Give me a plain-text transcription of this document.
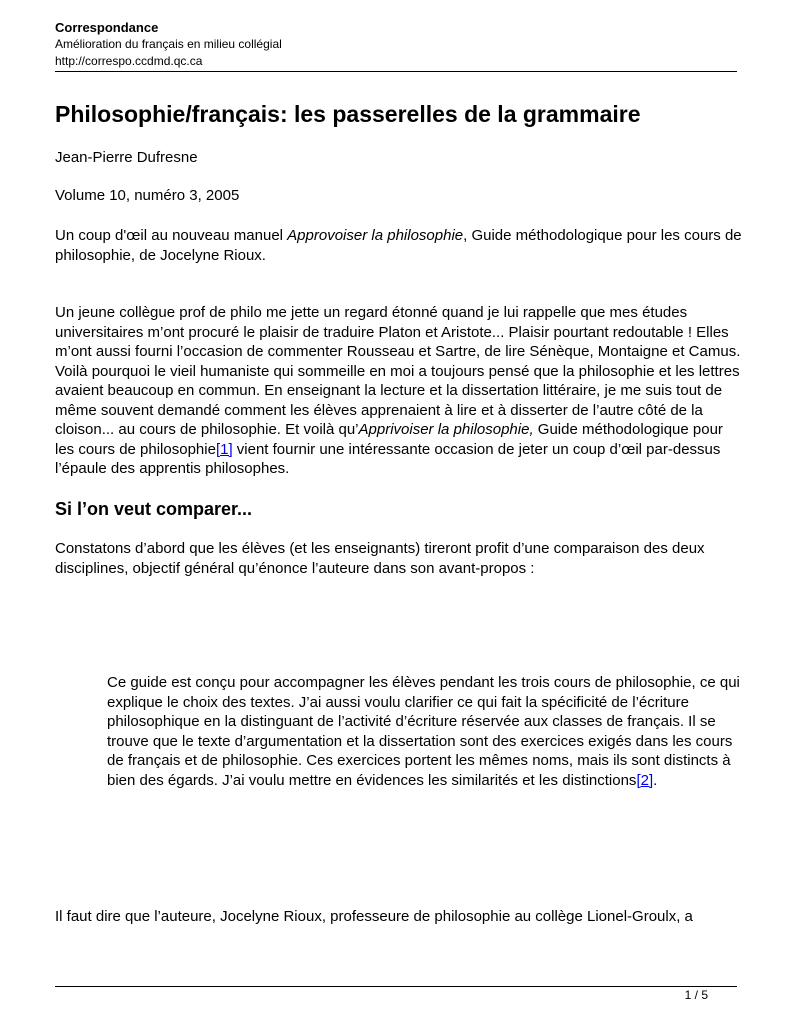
Correspondance
Amélioration du français en milieu collégial
http://correspo.ccdmd.qc.ca
Philosophie/français: les passerelles de la grammaire

Jean-Pierre Dufresne

Volume 10, numéro 3, 2005

Un coup d'œil au nouveau manuel Approvoiser la philosophie, Guide méthodologique pour les cours de philosophie, de Jocelyne Rioux.

Un jeune collègue prof de philo me jette un regard étonné quand je lui rappelle que mes études universitaires m’ont procuré le plaisir de traduire Platon et Aristote... Plaisir pourtant redoutable ! Elles m’ont aussi fourni l’occasion de commenter Rousseau et Sartre, de lire Sénèque, Montaigne et Camus. Voilà pourquoi le vieil humaniste qui sommeille en moi a toujours pensé que la philosophie et les lettres avaient beaucoup en commun. En enseignant la lecture et la dissertation littéraire, je me suis tout de même souvent demandé comment les élèves apprenaient à lire et à disserter de l’autre côté de la cloison... au cours de philosophie. Et voilà qu’Apprivoiser la philosophie, Guide méthodologique pour les cours de philosophie[1] vient fournir une intéressante occasion de jeter un coup d’œil par-dessus l’épaule des apprentis philosophes.

Si l’on veut comparer...

Constatons d’abord que les élèves (et les enseignants) tireront profit d’une comparaison des deux disciplines, objectif général qu’énonce l’auteure dans son avant-propos :

Ce guide est conçu pour accompagner les élèves pendant les trois cours de philosophie, ce qui explique le choix des textes. J’ai aussi voulu clarifier ce qui fait la spécificité de l’écriture philosophique en la distinguant de l’activité d’écriture réservée aux classes de français. Il se trouve que le texte d’argumentation et la dissertation sont des exercices exigés dans les cours de français et de philosophie. Ces exercices portent les mêmes noms, mais ils sont distincts à bien des égards. J’ai voulu mettre en évidences les similarités et les distinctions[2].

Il faut dire que l’auteure, Jocelyne Rioux, professeure de philosophie au collège Lionel-Groulx, a

1 / 5
